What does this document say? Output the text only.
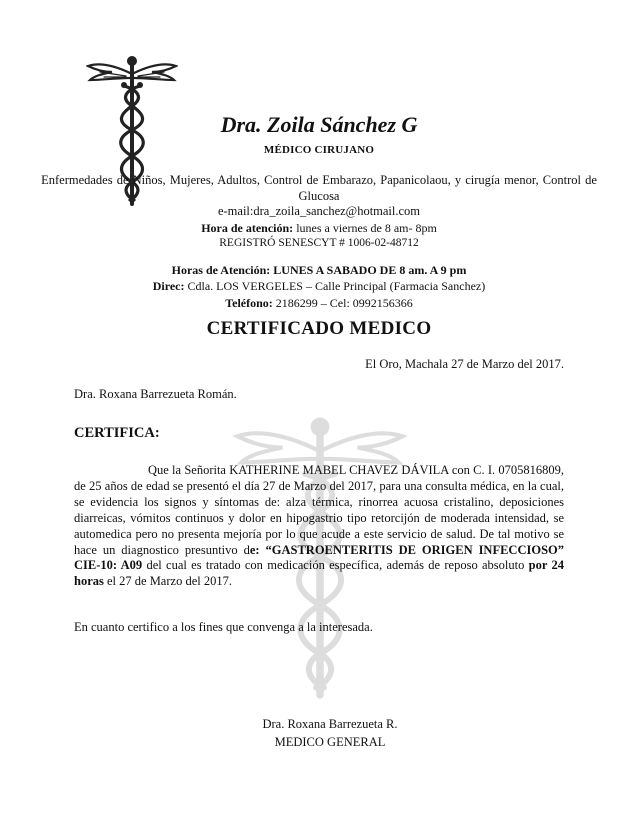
Dra. Zoila Sánchez G
MÉDICO CIRUJANO
Enfermedades de Niños, Mujeres, Adultos, Control de Embarazo, Papanicolaou, y cirugía menor, Control de Glucosa
e-mail:dra_zoila_sanchez@hotmail.com
Hora de atención: lunes a viernes de 8 am- 8pm
REGISTRÓ SENESCYT # 1006-02-48712
Horas de Atención: LUNES A SABADO DE 8 am. A 9 pm
Direc: Cdla. LOS VERGELES – Calle Principal (Farmacia Sanchez)
Teléfono: 2186299 – Cel: 0992156366
CERTIFICADO MEDICO
El Oro, Machala 27 de Marzo del 2017.
Dra. Roxana Barrezueta Román.
CERTIFICA:
Que la Señorita KATHERINE MABEL CHAVEZ DÁVILA con C. I. 0705816809, de 25 años de edad se presentó el día 27 de Marzo del 2017, para una consulta médica, en la cual, se evidencia los signos y síntomas de: alza térmica, rinorrea acuosa cristalino, deposiciones diarreicas, vómitos continuos y dolor en hipogastrio tipo retorcijón de moderada intensidad, se automedica pero no presenta mejoría por lo que acude a este servicio de salud. De tal motivo se hace un diagnostico presuntivo de: “GASTROENTERITIS DE ORIGEN INFECCIOSO” CIE-10: A09 del cual es tratado con medicación específica, además de reposo absoluto por 24 horas el 27 de Marzo del 2017.
En cuanto certifico a los fines que convenga a la interesada.
Dra. Roxana Barrezueta R.
MEDICO GENERAL
